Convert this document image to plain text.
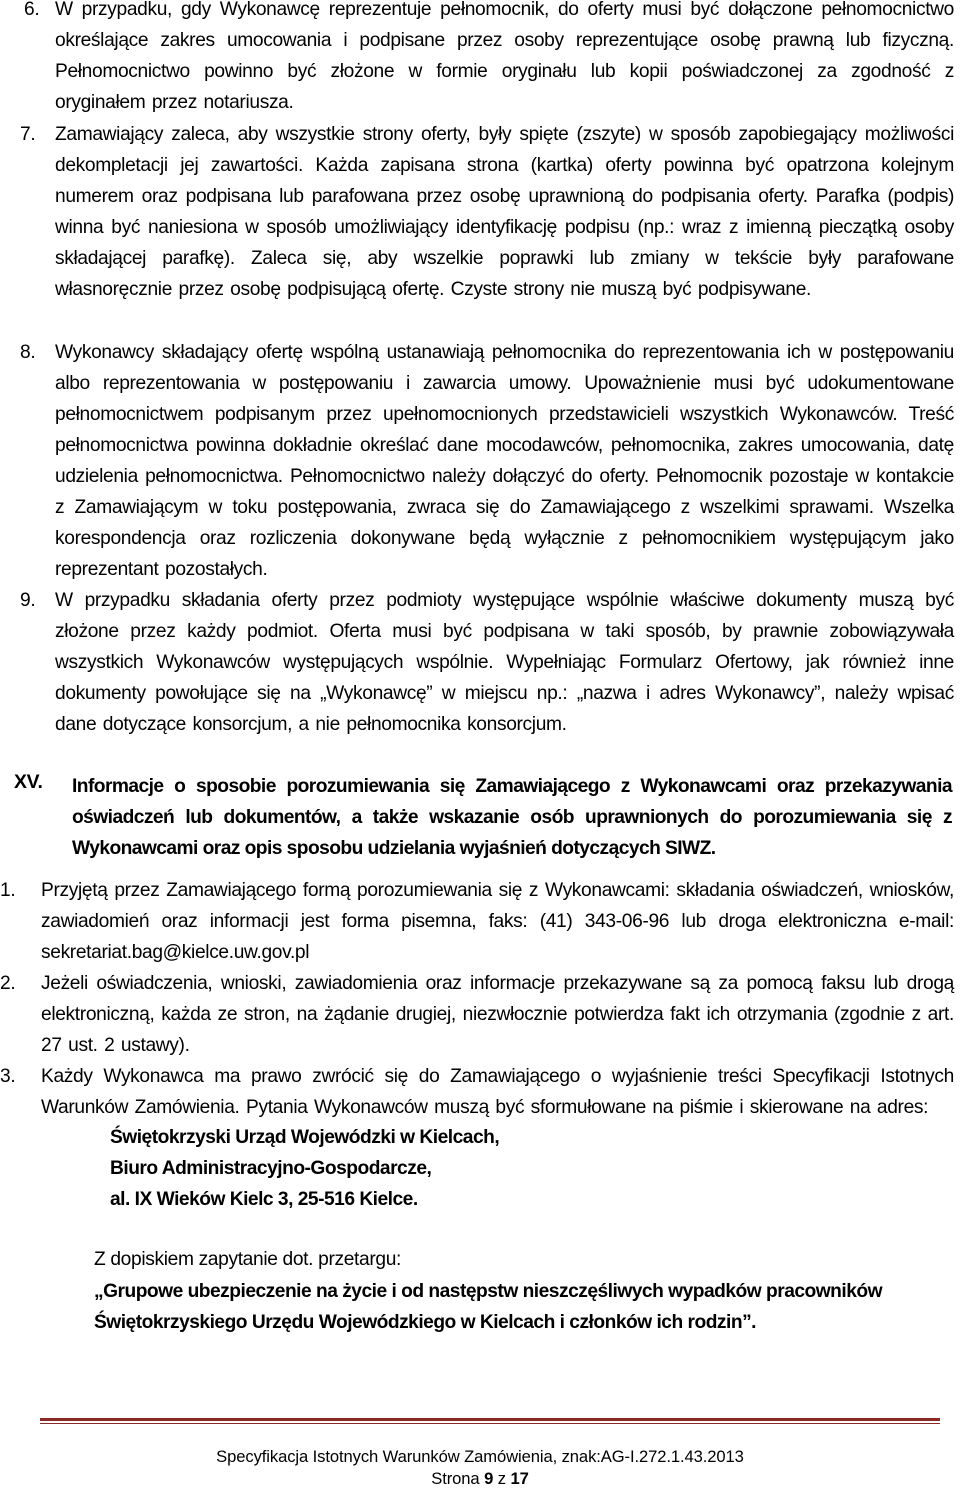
6. W przypadku, gdy Wykonawcę reprezentuje pełnomocnik, do oferty musi być dołączone pełnomocnictwo określające zakres umocowania i podpisane przez osoby reprezentujące osobę prawną lub fizyczną. Pełnomocnictwo powinno być złożone w formie oryginału lub kopii poświadczonej za zgodność z oryginałem przez notariusza.
7. Zamawiający zaleca, aby wszystkie strony oferty, były spięte (zszyte) w sposób zapobiegający możliwości dekompletacji jej zawartości. Każda zapisana strona (kartka) oferty powinna być opatrzona kolejnym numerem oraz podpisana lub parafowana przez osobę uprawnioną do podpisania oferty. Parafka (podpis) winna być naniesiona w sposób umożliwiający identyfikację podpisu (np.: wraz z imienną pieczątką osoby składającej parafkę). Zaleca się, aby wszelkie poprawki lub zmiany w tekście były parafowane własnoręcznie przez osobę podpisującą ofertę. Czyste strony nie muszą być podpisywane.
8. Wykonawcy składający ofertę wspólną ustanawiają pełnomocnika do reprezentowania ich w postępowaniu albo reprezentowania w postępowaniu i zawarcia umowy. Upoważnienie musi być udokumentowane pełnomocnictwem podpisanym przez upełnomocnionych przedstawicieli wszystkich Wykonawców. Treść pełnomocnictwa powinna dokładnie określać dane mocodawców, pełnomocnika, zakres umocowania, datę udzielenia pełnomocnictwa. Pełnomocnictwo należy dołączyć do oferty. Pełnomocnik pozostaje w kontakcie z Zamawiającym w toku postępowania, zwraca się do Zamawiającego z wszelkimi sprawami. Wszelka korespondencja oraz rozliczenia dokonywane będą wyłącznie z pełnomocnikiem występującym jako reprezentant pozostałych.
9. W przypadku składania oferty przez podmioty występujące wspólnie właściwe dokumenty muszą być złożone przez każdy podmiot. Oferta musi być podpisana w taki sposób, by prawnie zobowiązywała wszystkich Wykonawców występujących wspólnie. Wypełniając Formularz Ofertowy, jak również inne dokumenty powołujące się na „Wykonawcę” w miejscu np.: „nazwa i adres Wykonawcy”, należy wpisać dane dotyczące konsorcjum, a nie pełnomocnika konsorcjum.
XV. Informacje o sposobie porozumiewania się Zamawiającego z Wykonawcami oraz przekazywania oświadczeń lub dokumentów, a także wskazanie osób uprawnionych do porozumiewania się z Wykonawcami oraz opis sposobu udzielania wyjaśnień dotyczących SIWZ.
1. Przyjętą przez Zamawiającego formą porozumiewania się z Wykonawcami: składania oświadczeń, wniosków, zawiadomień oraz informacji jest forma pisemna, faks: (41) 343-06-96 lub droga elektroniczna e-mail: sekretariat.bag@kielce.uw.gov.pl
2. Jeżeli oświadczenia, wnioski, zawiadomienia oraz informacje przekazywane są za pomocą faksu lub drogą elektroniczną, każda ze stron, na żądanie drugiej, niezwłocznie potwierdza fakt ich otrzymania (zgodnie z art. 27 ust. 2 ustawy).
3. Każdy Wykonawca ma prawo zwrócić się do Zamawiającego o wyjaśnienie treści Specyfikacji Istotnych Warunków Zamówienia. Pytania Wykonawców muszą być sformułowane na piśmie i skierowane na adres:
Świętokrzyski Urząd Wojewódzki w Kielcach,
Biuro Administracyjno-Gospodarcze,
al. IX Wieków Kielc 3, 25-516 Kielce.
Z dopiskiem zapytanie dot. przetargu:
„Grupowe ubezpieczenie na życie i od następstw nieszczęśliwych wypadków pracowników
Świętokrzyskiego Urzędu Wojewódzkiego w Kielcach i członków ich rodzin”.
Specyfikacja Istotnych Warunków Zamówienia, znak:AG-I.272.1.43.2013
Strona 9 z 17
